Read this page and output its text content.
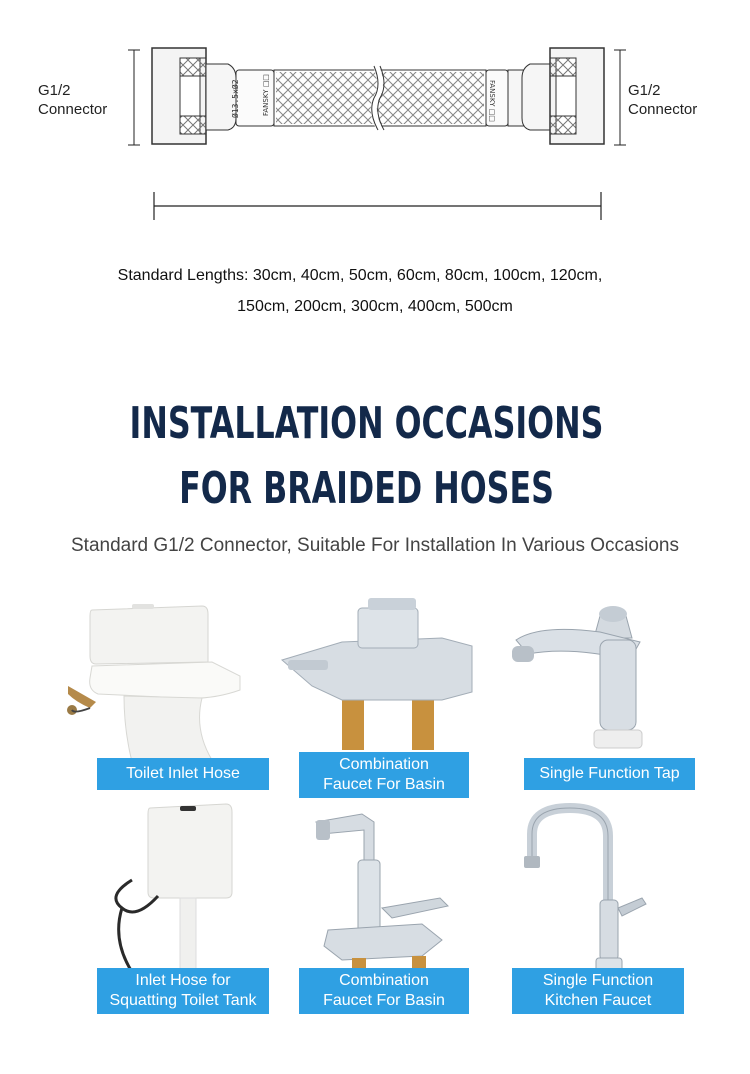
G1/2
Connector
G1/2
Connector
Ø13.5xØ2	FANSKY □□	FANSKY □□
Standard Lengths: 30cm, 40cm, 50cm, 60cm, 80cm, 100cm, 120cm,
150cm, 200cm, 300cm, 400cm, 500cm
INSTALLATION OCCASIONS
FOR BRAIDED HOSES
Standard G1/2 Connector, Suitable For Installation In Various Occasions
Toilet Inlet Hose
Combination
Faucet For Basin
Single Function Tap
Inlet Hose for
Squatting Toilet Tank
Combination
Faucet For Basin
Single Function
Kitchen Faucet
